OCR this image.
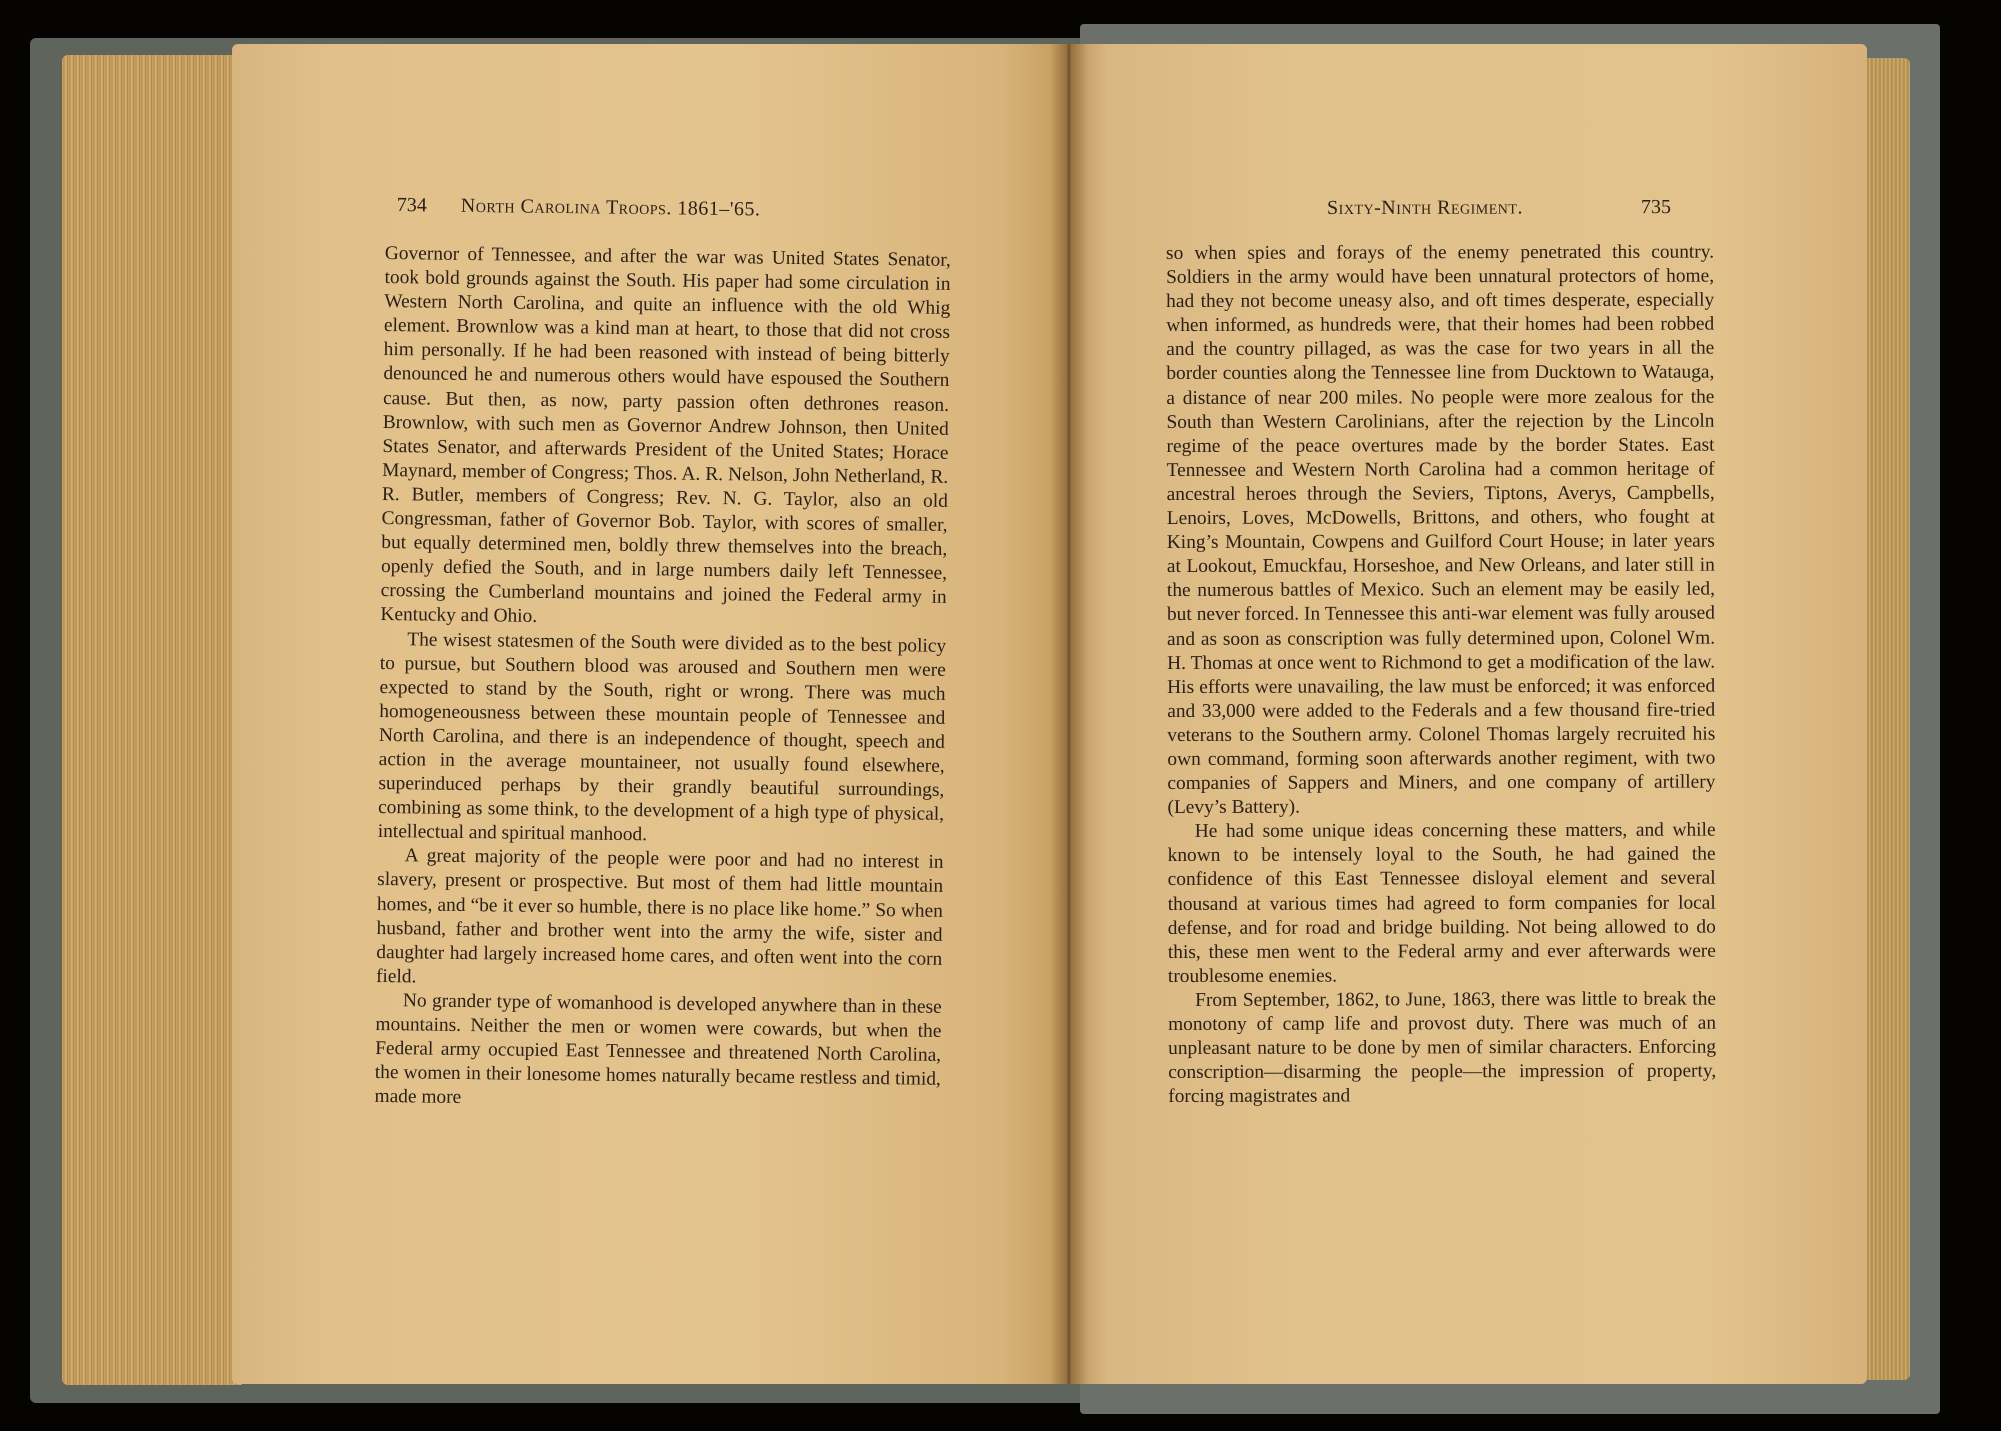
734 North Carolina Troops. 1861–'65.	Sixty-Ninth Regiment.	735

Governor of Tennessee, and after the war was United States Senator, took bold grounds against the South. His paper had some circulation in Western North Carolina, and quite an influence with the old Whig element. Brownlow was a kind man at heart, to those that did not cross him personally. If he had been reasoned with instead of being bitterly denounced he and numerous others would have espoused the Southern cause. But then, as now, party passion often dethrones reason. Brownlow, with such men as Governor Andrew Johnson, then United States Senator, and afterwards President of the United States; Horace Maynard, member of Congress; Thos. A. R. Nelson, John Netherland, R. R. Butler, members of Congress; Rev. N. G. Taylor, also an old Congressman, father of Governor Bob. Taylor, with scores of smaller, but equally determined men, boldly threw themselves into the breach, openly defied the South, and in large numbers daily left Tennessee, crossing the Cumberland mountains and joined the Federal army in Kentucky and Ohio.

The wisest statesmen of the South were divided as to the best policy to pursue, but Southern blood was aroused and Southern men were expected to stand by the South, right or wrong. There was much homogeneousness between these mountain people of Tennessee and North Carolina, and there is an independence of thought, speech and action in the average mountaineer, not usually found elsewhere, superinduced perhaps by their grandly beautiful surroundings, combining as some think, to the development of a high type of physical, intellectual and spiritual manhood.

A great majority of the people were poor and had no interest in slavery, present or prospective. But most of them had little mountain homes, and “be it ever so humble, there is no place like home.” So when husband, father and brother went into the army the wife, sister and daughter had largely increased home cares, and often went into the corn field.

No grander type of womanhood is developed anywhere than in these mountains. Neither the men or women were cowards, but when the Federal army occupied East Tennessee and threatened North Carolina, the women in their lonesome homes naturally became restless and timid, made more

so when spies and forays of the enemy penetrated this country. Soldiers in the army would have been unnatural protectors of home, had they not become uneasy also, and oft times desperate, especially when informed, as hundreds were, that their homes had been robbed and the country pillaged, as was the case for two years in all the border counties along the Tennessee line from Ducktown to Watauga, a distance of near 200 miles. No people were more zealous for the South than Western Carolinians, after the rejection by the Lincoln regime of the peace overtures made by the border States. East Tennessee and Western North Carolina had a common heritage of ancestral heroes through the Seviers, Tiptons, Averys, Campbells, Lenoirs, Loves, McDowells, Brittons, and others, who fought at King’s Mountain, Cowpens and Guilford Court House; in later years at Lookout, Emuckfau, Horseshoe, and New Orleans, and later still in the numerous battles of Mexico. Such an element may be easily led, but never forced. In Tennessee this anti-war element was fully aroused and as soon as conscription was fully determined upon, Colonel Wm. H. Thomas at once went to Richmond to get a modification of the law. His efforts were unavailing, the law must be enforced; it was enforced and 33,000 were added to the Federals and a few thousand fire-tried veterans to the Southern army. Colonel Thomas largely recruited his own command, forming soon afterwards another regiment, with two companies of Sappers and Miners, and one company of artillery (Levy’s Battery).

He had some unique ideas concerning these matters, and while known to be intensely loyal to the South, he had gained the confidence of this East Tennessee disloyal element and several thousand at various times had agreed to form companies for local defense, and for road and bridge building. Not being allowed to do this, these men went to the Federal army and ever afterwards were troublesome enemies.

From September, 1862, to June, 1863, there was little to break the monotony of camp life and provost duty. There was much of an unpleasant nature to be done by men of similar characters. Enforcing conscription—disarming the people—the impression of property, forcing magistrates and
